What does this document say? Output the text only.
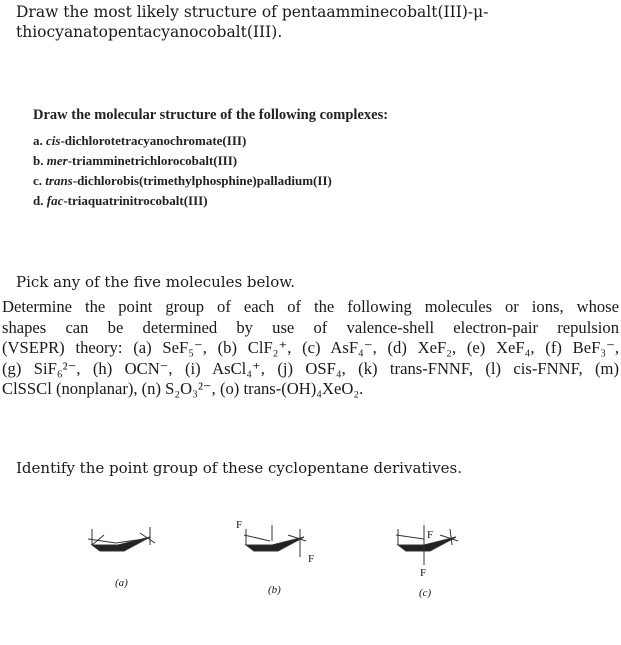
Draw the most likely structure of pentaamminecobalt(III)-μ-
thiocyanatopentacyanocobalt(III).
Draw the molecular structure of the following complexes:
a. cis-dichlorotetracyanochromate(III)
b. mer-triamminetrichlorocobalt(III)
c. trans-dichlorobis(trimethylphosphine)palladium(II)
d. fac-triaquatrinitrocobalt(III)
Pick any of the five molecules below.
Determine the point group of each of the following molecules or ions, whose
shapes can be determined by use of valence-shell electron-pair repulsion
(VSEPR) theory: (a) SeF₅⁻, (b) ClF₂⁺, (c) AsF₄⁻, (d) XeF₂, (e) XeF₄, (f) BeF₃⁻,
(g) SiF₆²⁻, (h) OCN⁻, (i) AsCl₄⁺, (j) OSF₄, (k) trans-FNNF, (l) cis-FNNF, (m)
ClSSCl (nonplanar), (n) S₂O₃²⁻, (o) trans-(OH)₄XeO₂.
Identify the point group of these cyclopentane derivatives.
F
F
F
F
(a)
(b)	(c)
